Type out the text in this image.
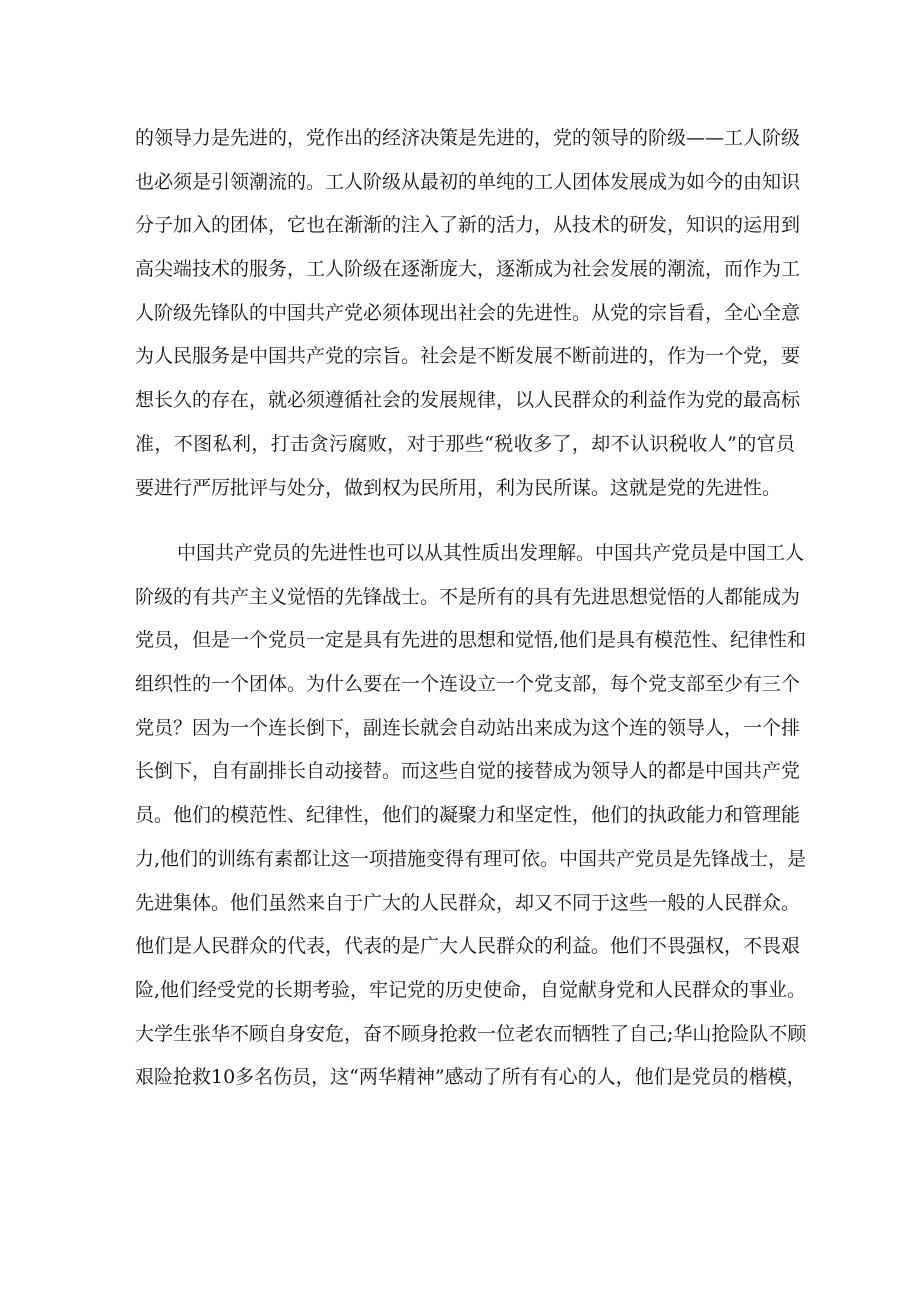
的领导力是先进的，党作出的经济决策是先进的，党的领导的阶级——工人阶级
也必须是引领潮流的。工人阶级从最初的单纯的工人团体发展成为如今的由知识
分子加入的团体，它也在渐渐的注入了新的活力，从技术的研发，知识的运用到
高尖端技术的服务，工人阶级在逐渐庞大，逐渐成为社会发展的潮流，而作为工
人阶级先锋队的中国共产党必须体现出社会的先进性。从党的宗旨看，全心全意
为人民服务是中国共产党的宗旨。社会是不断发展不断前进的，作为一个党，要
想长久的存在，就必须遵循社会的发展规律，以人民群众的利益作为党的最高标
准，不图私利，打击贪污腐败，对于那些“税收多了，却不认识税收人”的官员
要进行严厉批评与处分，做到权为民所用，利为民所谋。这就是党的先进性。
中国共产党员的先进性也可以从其性质出发理解。中国共产党员是中国工人
阶级的有共产主义觉悟的先锋战士。不是所有的具有先进思想觉悟的人都能成为
党员，但是一个党员一定是具有先进的思想和觉悟,他们是具有模范性、纪律性和
组织性的一个团体。为什么要在一个连设立一个党支部，每个党支部至少有三个
党员？因为一个连长倒下，副连长就会自动站出来成为这个连的领导人，一个排
长倒下，自有副排长自动接替。而这些自觉的接替成为领导人的都是中国共产党
员。他们的模范性、纪律性，他们的凝聚力和坚定性，他们的执政能力和管理能
力,他们的训练有素都让这一项措施变得有理可依。中国共产党员是先锋战士，是
先进集体。他们虽然来自于广大的人民群众，却又不同于这些一般的人民群众。
他们是人民群众的代表，代表的是广大人民群众的利益。他们不畏强权，不畏艰
险,他们经受党的长期考验，牢记党的历史使命，自觉献身党和人民群众的事业。
大学生张华不顾自身安危，奋不顾身抢救一位老农而牺牲了自己;华山抢险队不顾
艰险抢救10多名伤员，这“两华精神”感动了所有有心的人，他们是党员的楷模，
